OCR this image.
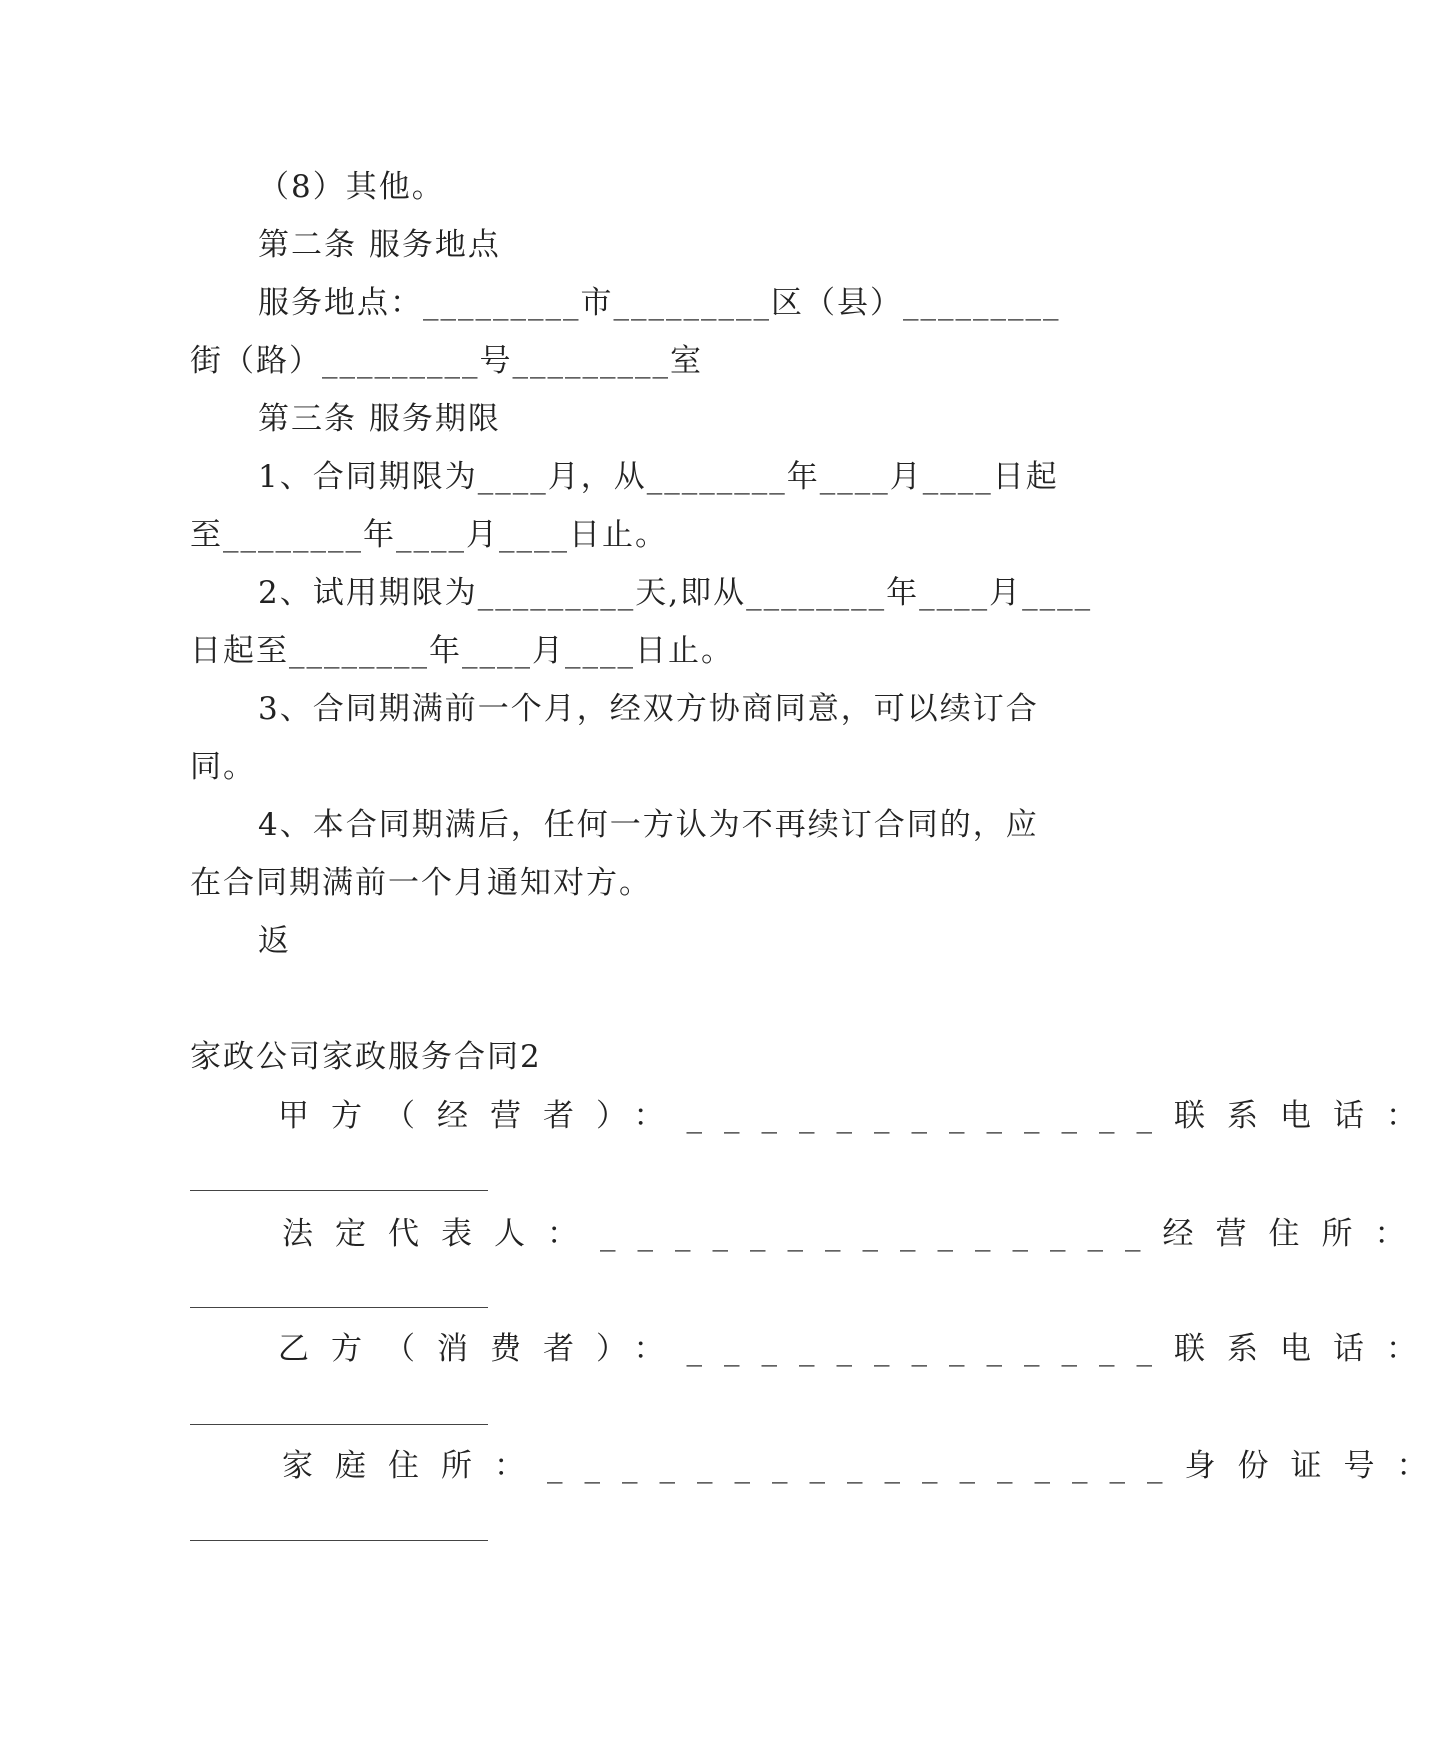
（8）其他。
第二条 服务地点
服务地点：_________市_________区（县）_________
街（路）_________号_________室
第三条 服务期限
1、合同期限为____月，从________年____月____日起
至________年____月____日止。
2、试用期限为_________天,即从________年____月____
日起至________年____月____日止。
3、合同期满前一个月，经双方协商同意，可以续订合
同。
4、本合同期满后，任何一方认为不再续订合同的，应
在合同期满前一个月通知对方。
返
家政公司家政服务合同2
甲方（经营者）：_____________联系电话：
法定代表人：_______________经营住所：
乙方（消费者）：_____________联系电话：
家庭住所：_________________身份证号：
